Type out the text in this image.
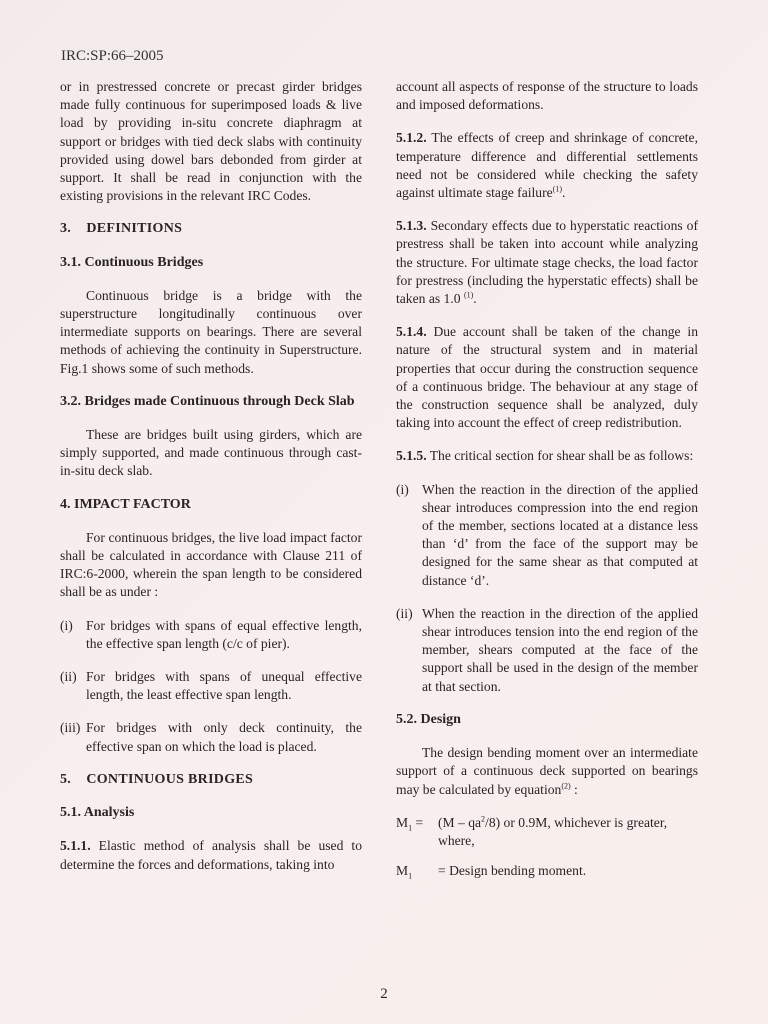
IRC:SP:66–2005

or in prestressed concrete or precast girder bridges made fully continuous for superimposed loads & live load by providing in-situ concrete diaphragm at support or bridges with tied deck slabs with continuity provided using dowel bars debonded from girder at support. It shall be read in conjunction with the existing provisions in the relevant IRC Codes.

3. DEFINITIONS

3.1. Continuous Bridges

Continuous bridge is a bridge with the superstructure longitudinally continuous over intermediate supports on bearings. There are several methods of achieving the continuity in Superstructure. Fig.1 shows some of such methods.

3.2. Bridges made Continuous through Deck Slab

These are bridges built using girders, which are simply supported, and made continuous through cast-in-situ deck slab.

4. IMPACT FACTOR

For continuous bridges, the live load impact factor shall be calculated in accordance with Clause 211 of IRC:6-2000, wherein the span length to be considered shall be as under :

(i) For bridges with spans of equal effective length, the effective span length (c/c of pier).
(ii) For bridges with spans of unequal effective length, the least effective span length.
(iii) For bridges with only deck continuity, the effective span on which the load is placed.

5. CONTINUOUS BRIDGES

5.1. Analysis

5.1.1. Elastic method of analysis shall be used to determine the forces and deformations, taking into

account all aspects of response of the structure to loads and imposed deformations.

5.1.2. The effects of creep and shrinkage of concrete, temperature difference and differential settlements need not be considered while checking the safety against ultimate stage failure$^{(1)}$.

5.1.3. Secondary effects due to hyperstatic reactions of prestress shall be taken into account while analyzing the structure. For ultimate stage checks, the load factor for prestress (including the hyperstatic effects) shall be taken as 1.0 $^{(1)}$.

5.1.4. Due account shall be taken of the change in nature of the structural system and in material properties that occur during the construction sequence of a continuous bridge. The behaviour at any stage of the construction sequence shall be analyzed, duly taking into account the effect of creep redistribution.

5.1.5. The critical section for shear shall be as follows:

(i) When the reaction in the direction of the applied shear introduces compression into the end region of the member, sections located at a distance less than ‘d’ from the face of the support may be designed for the same shear as that computed at distance ‘d’.
(ii) When the reaction in the direction of the applied shear introduces tension into the end region of the member, shears computed at the face of the support shall be used in the design of the member at that section.

5.2. Design

The design bending moment over an intermediate support of a continuous deck supported on bearings may be calculated by equation$^{(2)}$ :

$M_1 = (M - qa^2/8)$ or 0.9M, whichever is greater,
where,
$M_1$ = Design bending moment.
2
